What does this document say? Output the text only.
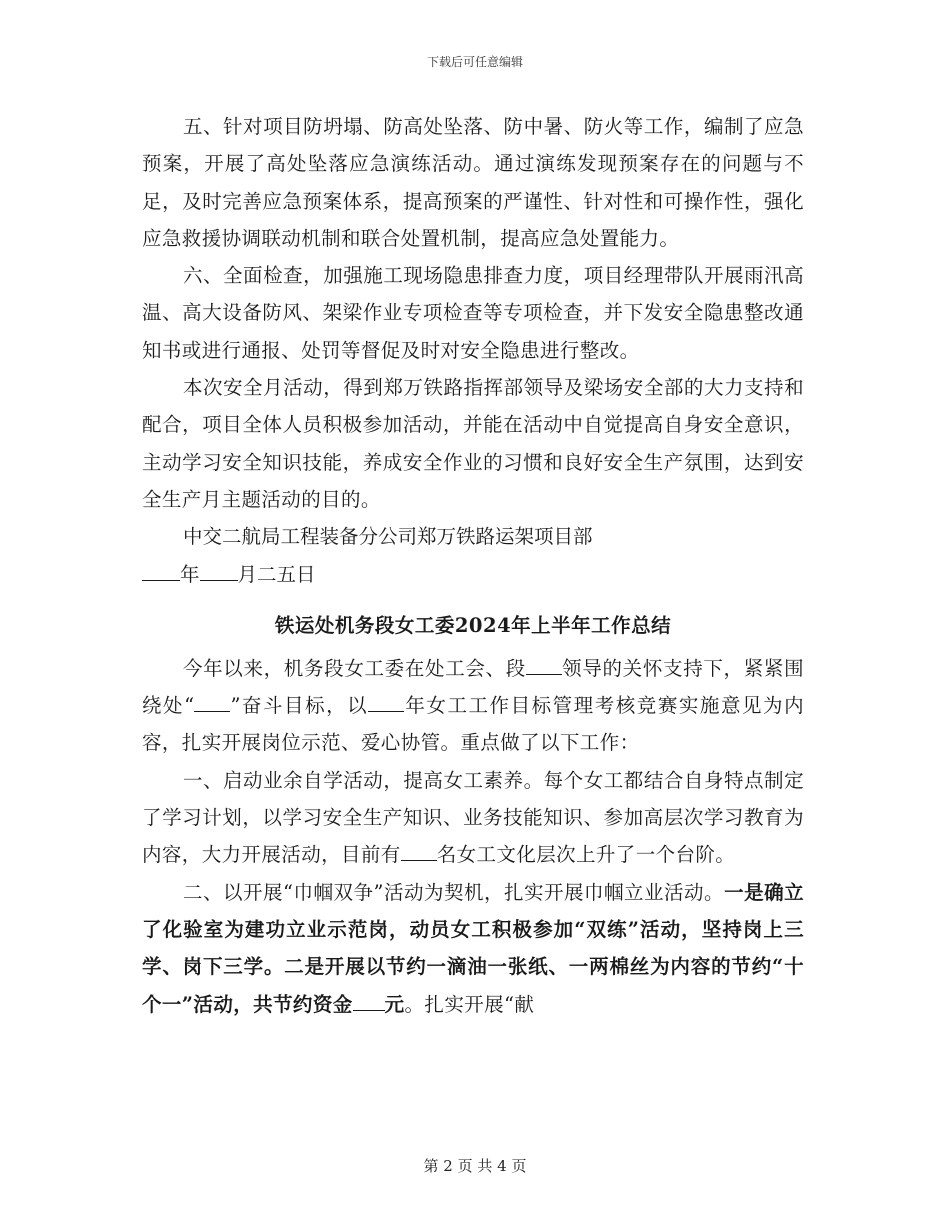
下载后可任意编辑

五、针对项目防坍塌、防高处坠落、防中暑、防火等工作，编制了应急预案，开展了高处坠落应急演练活动。通过演练发现预案存在的问题与不足，及时完善应急预案体系，提高预案的严谨性、针对性和可操作性，强化应急救援协调联动机制和联合处置机制，提高应急处置能力。

六、全面检查，加强施工现场隐患排查力度，项目经理带队开展雨汛高温、高大设备防风、架梁作业专项检查等专项检查，并下发安全隐患整改通知书或进行通报、处罚等督促及时对安全隐患进行整改。

本次安全月活动，得到郑万铁路指挥部领导及梁场安全部的大力支持和配合，项目全体人员积极参加活动，并能在活动中自觉提高自身安全意识，主动学习安全知识技能，养成安全作业的习惯和良好安全生产氛围，达到安全生产月主题活动的目的。

中交二航局工程装备分公司郑万铁路运架项目部

年 月二五日

铁运处机务段女工委2024年上半年工作总结

今年以来，机务段女工委在处工会、段 领导的关怀支持下，紧紧围绕处“ ”奋斗目标，以 年女工工作目标管理考核竞赛实施意见为内容，扎实开展岗位示范、爱心协管。重点做了以下工作：

一、启动业余自学活动，提高女工素养。每个女工都结合自身特点制定了学习计划，以学习安全生产知识、业务技能知识、参加高层次学习教育为内容，大力开展活动，目前有 名女工文化层次上升了一个台阶。

二、以开展“巾帼双争”活动为契机，扎实开展巾帼立业活动。一是确立了化验室为建功立业示范岗，动员女工积极参加“双练”活动，坚持岗上三学、岗下三学。二是开展以节约一滴油一张纸、一两棉丝为内容的节约“十个一”活动，共节约资金 元。扎实开展“献

第 2 页 共 4 页
